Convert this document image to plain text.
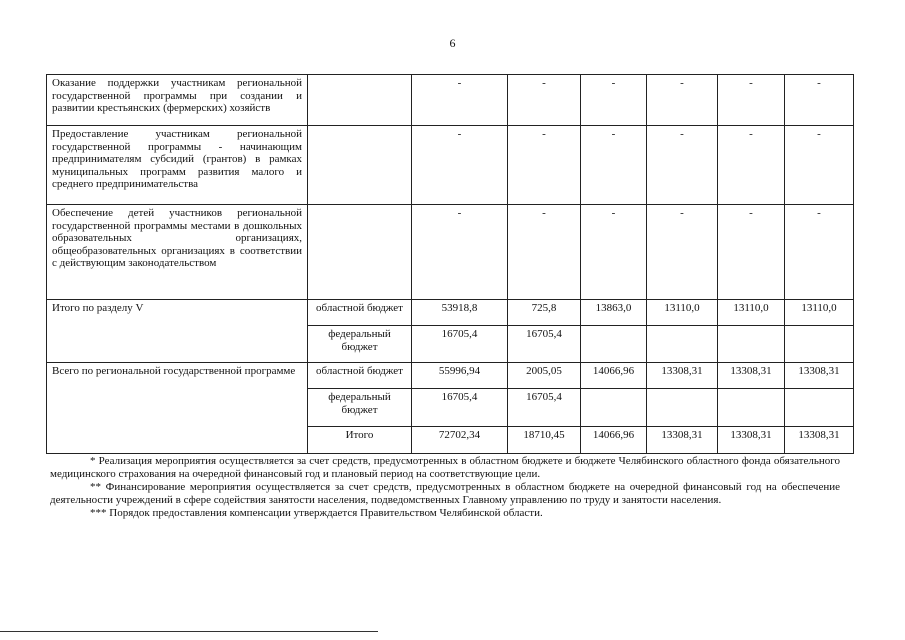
6
Оказание поддержки участникам региональной государственной программы при создании и развитии крестьянских (фермерских) хозяйств		-	-	-	-	-	-
Предоставление участникам региональной государственной программы - начинающим предпринимателям субсидий (грантов) в рамках муниципальных программ развития малого и среднего предпринимательства		-	-	-	-	-	-
Обеспечение детей участников региональной государственной программы местами в дошкольных образовательных организациях, общеобразовательных организациях в соответствии с действующим законодательством		-	-	-	-	-	-
Итого по разделу V	областной бюджет	53918,8	725,8	13863,0	13110,0	13110,0	13110,0
	федеральный бюджет	16705,4	16705,4				
Всего по региональной государственной программе	областной бюджет	55996,94	2005,05	14066,96	13308,31	13308,31	13308,31
	федеральный бюджет	16705,4	16705,4				
	Итого	72702,34	18710,45	14066,96	13308,31	13308,31	13308,31

* Реализация мероприятия осуществляется за счет средств, предусмотренных в областном бюджете и бюджете Челябинского областного фонда обязательного медицинского страхования на очередной финансовый год и плановый период на соответствующие цели.

** Финансирование мероприятия осуществляется за счет средств, предусмотренных в областном бюджете на очередной финансовый год на обеспечение деятельности учреждений в сфере содействия занятости населения, подведомственных Главному управлению по труду и занятости населения.

*** Порядок предоставления компенсации утверждается Правительством Челябинской области.
